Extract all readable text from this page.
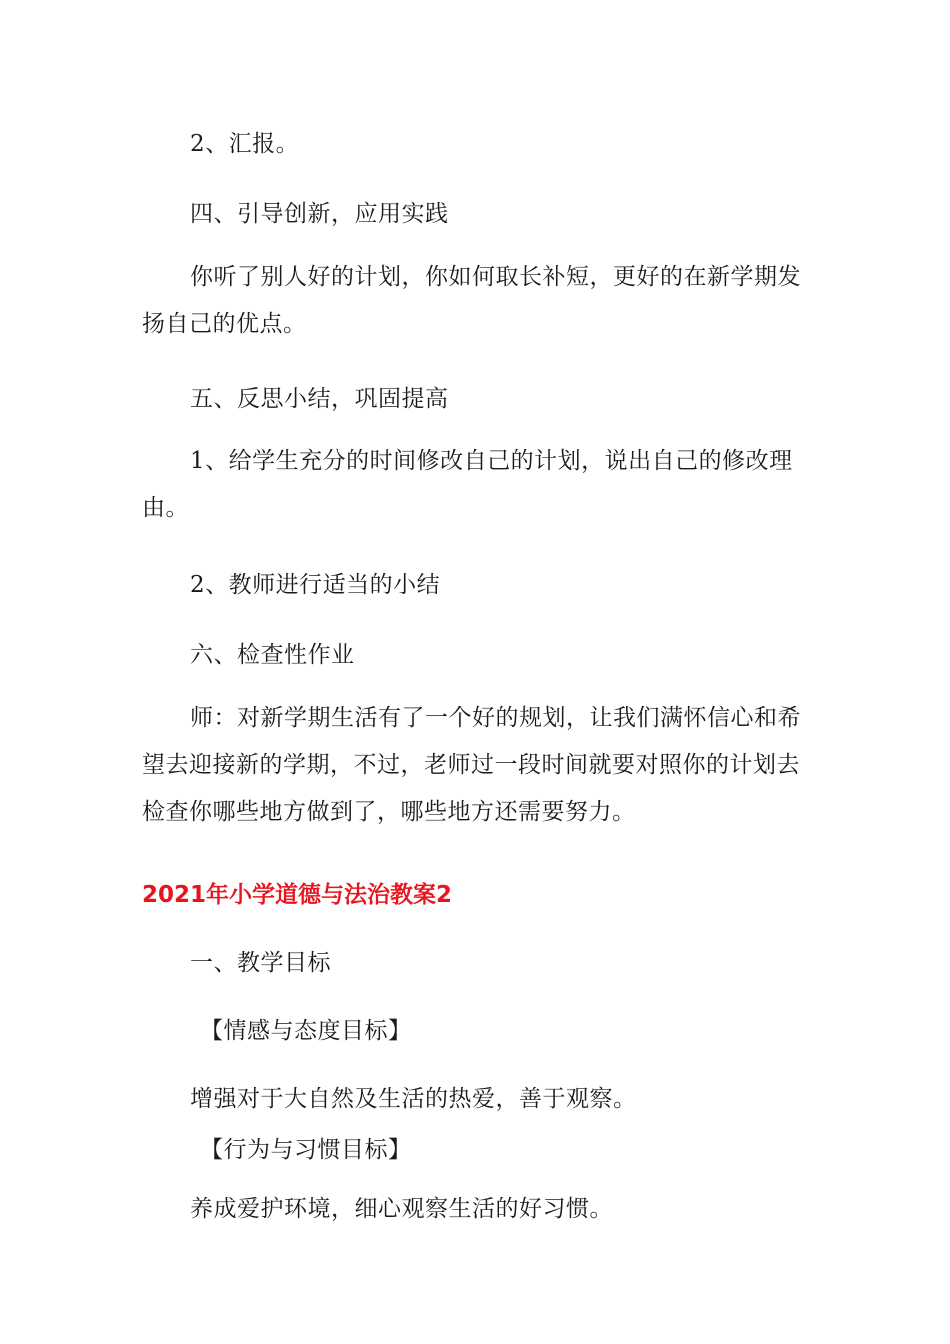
2、汇报。

四、引导创新，应用实践

你听了别人好的计划，你如何取长补短，更好的在新学期发扬自己的优点。

五、反思小结，巩固提高

1、给学生充分的时间修改自己的计划，说出自己的修改理由。

2、教师进行适当的小结

六、检查性作业

师：对新学期生活有了一个好的规划，让我们满怀信心和希望去迎接新的学期，不过，老师过一段时间就要对照你的计划去检查你哪些地方做到了，哪些地方还需要努力。

2021年小学道德与法治教案2

一、教学目标

【情感与态度目标】

增强对于大自然及生活的热爱，善于观察。

【行为与习惯目标】

养成爱护环境，细心观察生活的好习惯。
